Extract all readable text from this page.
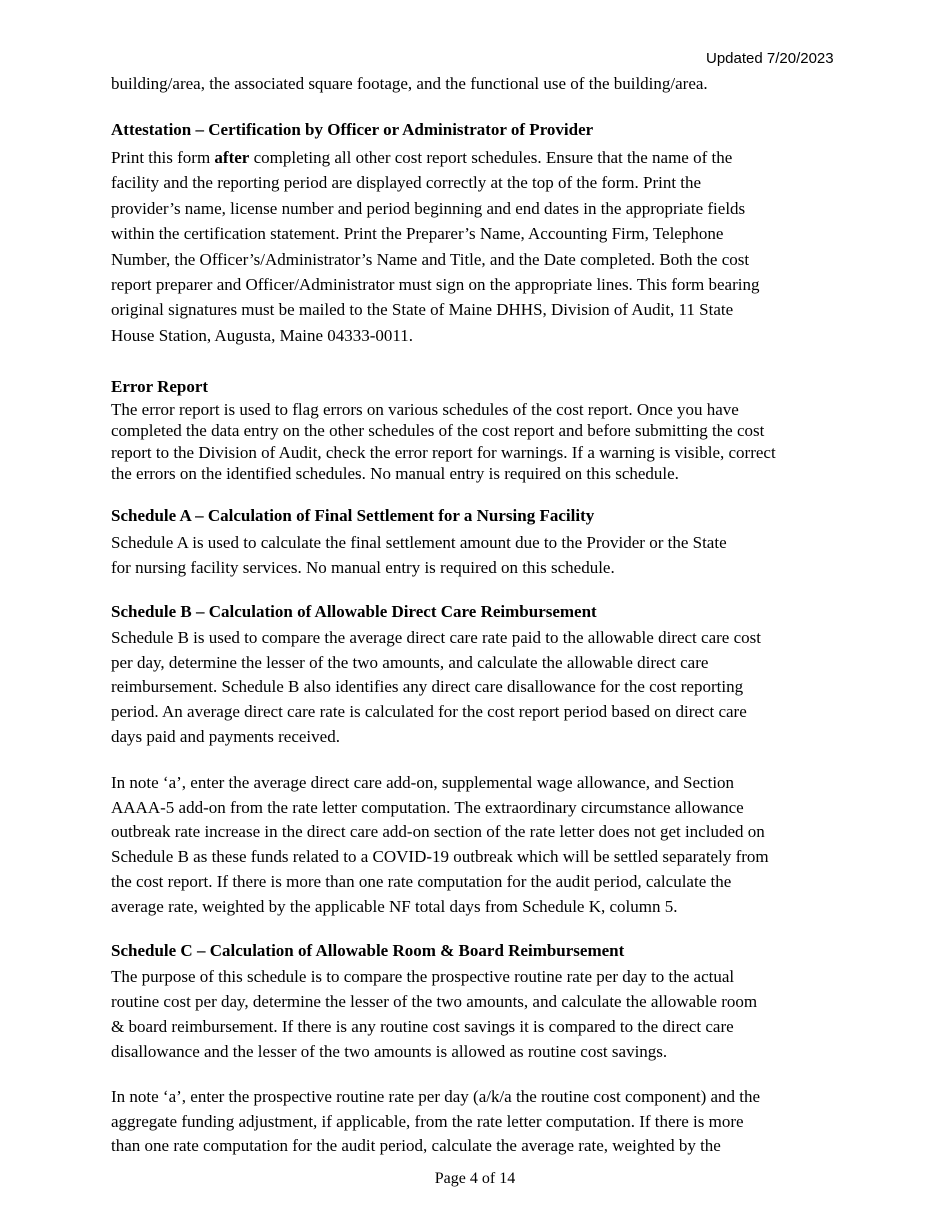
Updated 7/20/2023

building/area, the associated square footage, and the functional use of the building/area.

Attestation – Certification by Officer or Administrator of Provider

Print this form after completing all other cost report schedules. Ensure that the name of the
facility and the reporting period are displayed correctly at the top of the form. Print the
provider’s name, license number and period beginning and end dates in the appropriate fields
within the certification statement. Print the Preparer’s Name, Accounting Firm, Telephone
Number, the Officer’s/Administrator’s Name and Title, and the Date completed. Both the cost
report preparer and Officer/Administrator must sign on the appropriate lines. This form bearing
original signatures must be mailed to the State of Maine DHHS, Division of Audit, 11 State
House Station, Augusta, Maine 04333-0011.

Error Report

The error report is used to flag errors on various schedules of the cost report. Once you have
completed the data entry on the other schedules of the cost report and before submitting the cost
report to the Division of Audit, check the error report for warnings. If a warning is visible, correct
the errors on the identified schedules. No manual entry is required on this schedule.

Schedule A – Calculation of Final Settlement for a Nursing Facility

Schedule A is used to calculate the final settlement amount due to the Provider or the State
for nursing facility services. No manual entry is required on this schedule.

Schedule B – Calculation of Allowable Direct Care Reimbursement

Schedule B is used to compare the average direct care rate paid to the allowable direct care cost
per day, determine the lesser of the two amounts, and calculate the allowable direct care
reimbursement. Schedule B also identifies any direct care disallowance for the cost reporting
period. An average direct care rate is calculated for the cost report period based on direct care
days paid and payments received.

In note ‘a’, enter the average direct care add-on, supplemental wage allowance, and Section
AAAA-5 add-on from the rate letter computation. The extraordinary circumstance allowance
outbreak rate increase in the direct care add-on section of the rate letter does not get included on
Schedule B as these funds related to a COVID-19 outbreak which will be settled separately from
the cost report. If there is more than one rate computation for the audit period, calculate the
average rate, weighted by the applicable NF total days from Schedule K, column 5.

Schedule C – Calculation of Allowable Room & Board Reimbursement

The purpose of this schedule is to compare the prospective routine rate per day to the actual
routine cost per day, determine the lesser of the two amounts, and calculate the allowable room
& board reimbursement. If there is any routine cost savings it is compared to the direct care
disallowance and the lesser of the two amounts is allowed as routine cost savings.

In note ‘a’, enter the prospective routine rate per day (a/k/a the routine cost component) and the
aggregate funding adjustment, if applicable, from the rate letter computation. If there is more
than one rate computation for the audit period, calculate the average rate, weighted by the

Page 4 of 14
